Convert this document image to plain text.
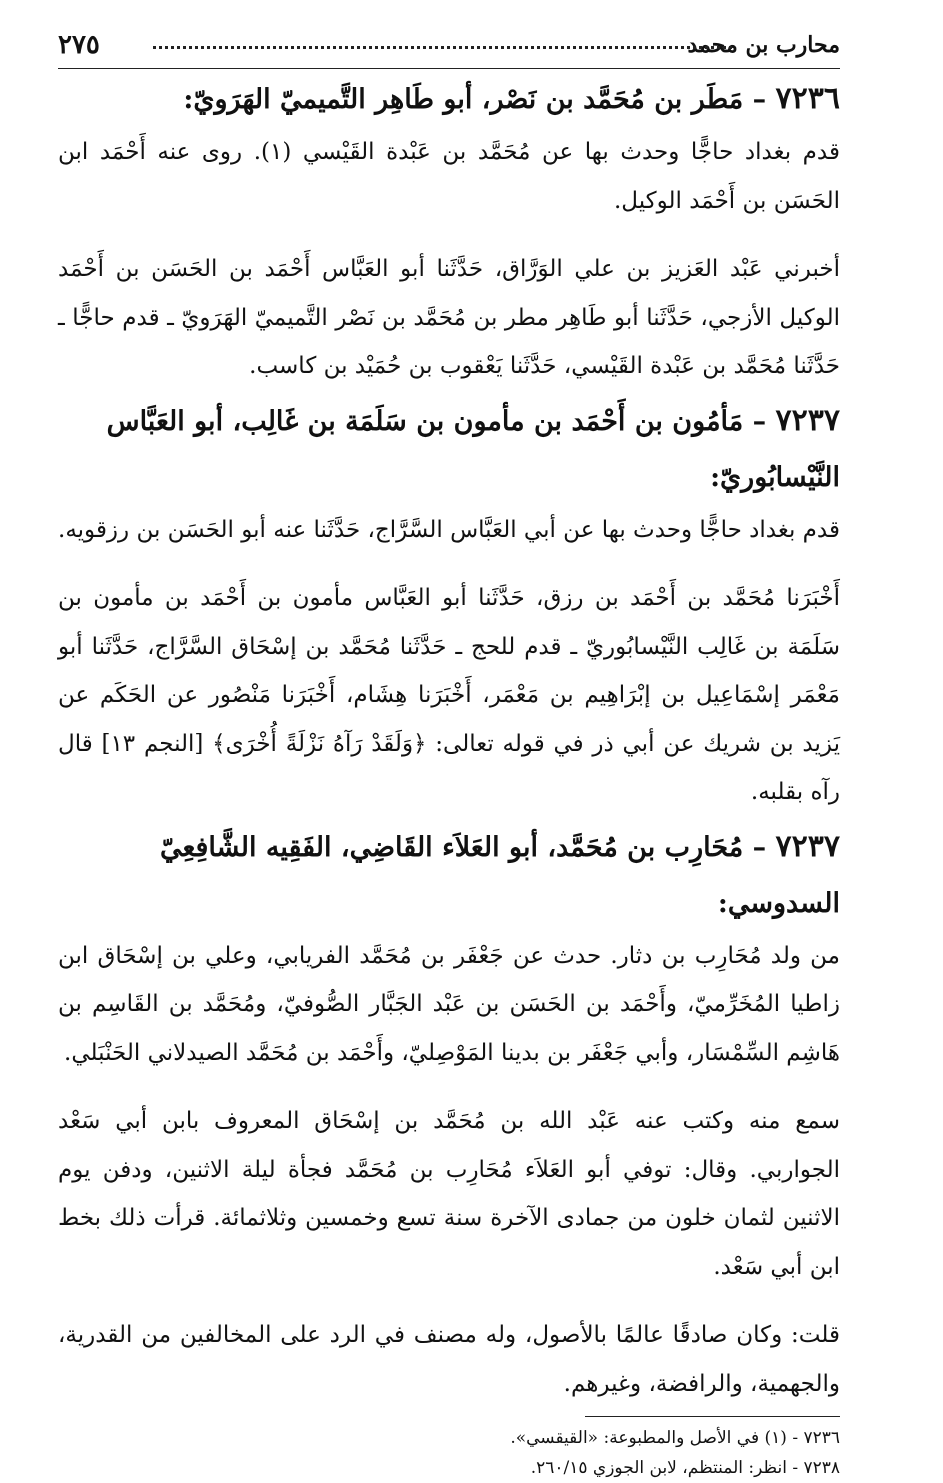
محارب بن محمد
٢٧٥
٧٢٣٦ – مَطَر بن مُحَمَّد بن نَصْر، أبو طَاهِر التَّميميّ الهَرَويّ:

قدم بغداد حاجًّا وحدث بها عن مُحَمَّد بن عَبْدة القَيْسي (١). روى عنه أَحْمَد ابن الحَسَن بن أَحْمَد الوكيل.

أخبرني عَبْد العَزيز بن علي الوَرَّاق، حَدَّثَنا أبو العَبَّاس أَحْمَد بن الحَسَن بن أَحْمَد الوكيل الأزجي، حَدَّثَنا أبو طَاهِر مطر بن مُحَمَّد بن نَصْر التَّميميّ الهَرَويّ ـ قدم حاجًّا ـ حَدَّثَنا مُحَمَّد بن عَبْدة القَيْسي، حَدَّثَنا يَعْقوب بن حُمَيْد بن كاسب.

٧٢٣٧ – مَأمُون بن أَحْمَد بن مأمون بن سَلَمَة بن غَالِب، أبو العَبَّاس النَّيْسابُوريّ:

قدم بغداد حاجًّا وحدث بها عن أبي العَبَّاس السَّرَّاج، حَدَّثَنا عنه أبو الحَسَن بن رزقويه.

أَخْبَرَنا مُحَمَّد بن أَحْمَد بن رزق، حَدَّثَنا أبو العَبَّاس مأمون بن أَحْمَد بن مأمون بن سَلَمَة بن غَالِب النَّيْسابُوريّ ـ قدم للحج ـ حَدَّثَنا مُحَمَّد بن إسْحَاق السَّرَّاج، حَدَّثَنا أبو مَعْمَر إسْمَاعِيل بن إبْرَاهِيم بن مَعْمَر، أَخْبَرَنا هِشَام، أَخْبَرَنا مَنْصُور عن الحَكَم عن يَزيد بن شريك عن أبي ذر في قوله تعالى: ﴿وَلَقَدْ رَآهُ نَزْلَةً أُخْرَى﴾ [النجم ١٣] قال رآه بقلبه.

٧٢٣٧ – مُحَارِب بن مُحَمَّد، أبو العَلاَء القَاضِي، الفَقِيه الشَّافِعِيّ السدوسي:

من ولد مُحَارِب بن دثار. حدث عن جَعْفَر بن مُحَمَّد الفريابي، وعلي بن إسْحَاق ابن زاطيا المُخَرِّميّ، وأَحْمَد بن الحَسَن بن عَبْد الجَبَّار الصُّوفيّ، ومُحَمَّد بن القَاسِم بن هَاشِم السِّمْسَار، وأبي جَعْفَر بن بدينا المَوْصِليّ، وأَحْمَد بن مُحَمَّد الصيدلاني الحَنْبَلي.

سمع منه وكتب عنه عَبْد الله بن مُحَمَّد بن إسْحَاق المعروف بابن أبي سَعْد الجواربي. وقال: توفي أبو العَلاَء مُحَارِب بن مُحَمَّد فجأة ليلة الاثنين، ودفن يوم الاثنين لثمان خلون من جمادى الآخرة سنة تسع وخمسين وثلاثمائة. قرأت ذلك بخط ابن أبي سَعْد.

قلت: وكان صادقًا عالمًا بالأصول، وله مصنف في الرد على المخالفين من القدرية، والجهمية، والرافضة، وغيرهم.

٧٢٣٦ - (١) في الأصل والمطبوعة: «القيقسي».

٧٢٣٨ - انظر: المنتظم، لابن الجوزي ٢٦٠/١٥.
